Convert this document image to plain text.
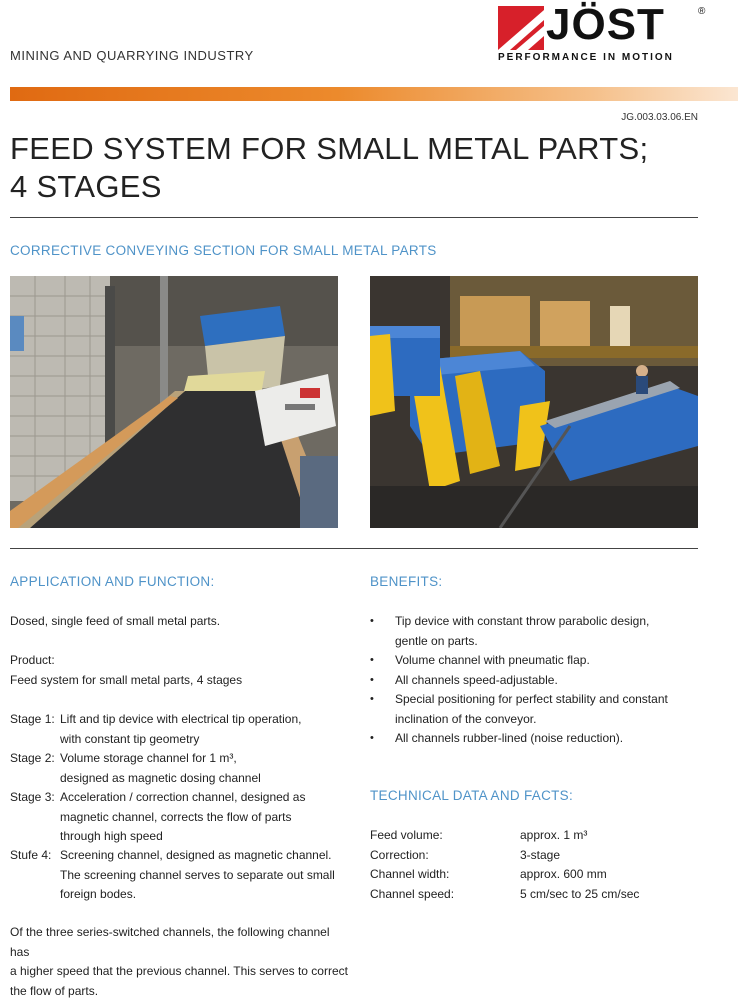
MINING AND QUARRYING INDUSTRY
JÖST	®
PERFORMANCE IN MOTION
JG.003.03.06.EN
FEED SYSTEM FOR SMALL METAL PARTS;
4 STAGES
CORRECTIVE CONVEYING SECTION FOR SMALL METAL PARTS
APPLICATION AND FUNCTION:
Dosed, single feed of small metal parts.
Product:
Feed system for small metal parts, 4 stages
Stage 1: Lift and tip device with electrical tip operation,
with constant tip geometry
Stage 2: Volume storage channel for 1 m³,
designed as magnetic dosing channel
Stage 3: Acceleration / correction channel, designed as
magnetic channel, corrects the flow of parts
through high speed
Stufe 4: Screening channel, designed as magnetic channel.
The screening channel serves to separate out small
foreign bodes.
Of the three series-switched channels, the following channel has
a higher speed that the previous channel. This serves to correct
the flow of parts.
BENEFITS:
• Tip device with constant throw parabolic design,
gentle on parts.
• Volume channel with pneumatic flap.
• All channels speed-adjustable.
• Special positioning for perfect stability and constant
inclination of the conveyor.
• All channels rubber-lined (noise reduction).
TECHNICAL DATA AND FACTS:
Feed volume:	approx. 1 m³
Correction:	3-stage
Channel width:	approx. 600 mm
Channel speed:	5 cm/sec to 25 cm/sec
